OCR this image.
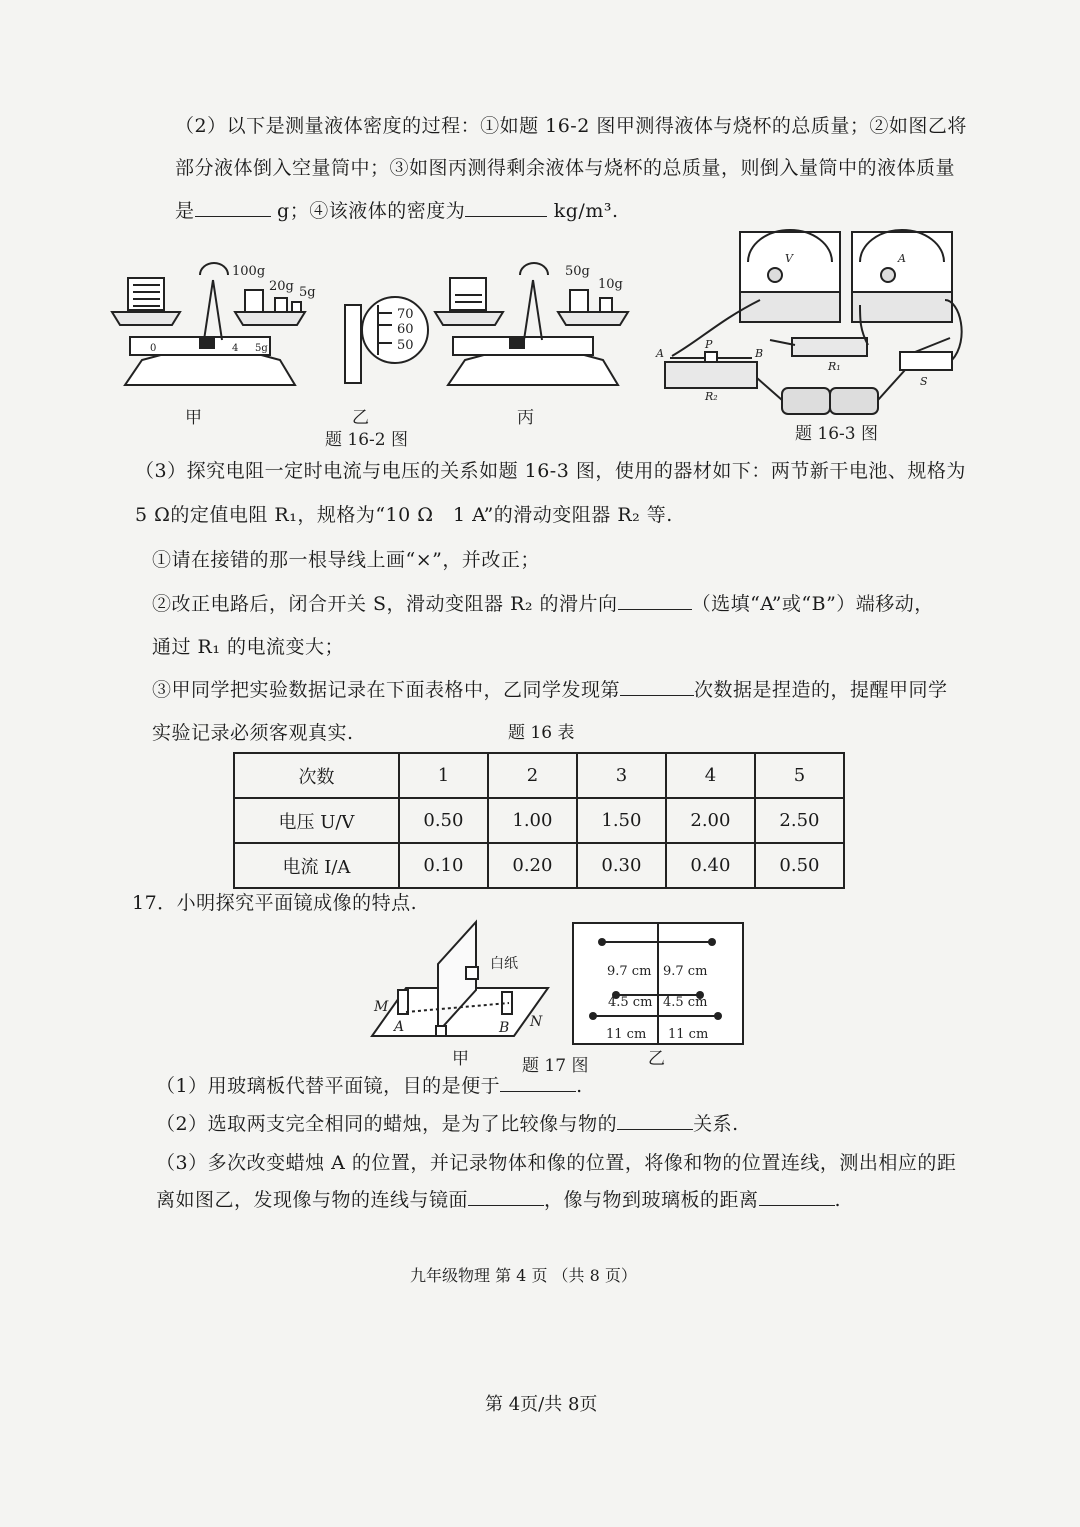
（2）以下是测量液体密度的过程：①如题 16-2 图甲测得液体与烧杯的总质量；②如图乙将
部分液体倒入空量筒中；③如图丙测得剩余液体与烧杯的总质量，则倒入量筒中的液体质量
是	g；④该液体的密度为	kg/m³.
100g
20g 5g
50g
10g
70
60
50
0	4 5g
甲	乙	丙
题 16-2 图	题 16-3 图
A
P
B
R₁
R₂
S
V	A
（3）探究电阻一定时电流与电压的关系如题 16-3 图，使用的器材如下：两节新干电池、规格为
5 Ω的定值电阻 R₁，规格为“10 Ω　1 A”的滑动变阻器 R₂ 等.
①请在接错的那一根导线上画“×”，并改正；
②改正电路后，闭合开关 S，滑动变阻器 R₂ 的滑片向	（选填“A”或“B”）端移动，
通过 R₁ 的电流变大；
③甲同学把实验数据记录在下面表格中，乙同学发现第	次数据是捏造的，提醒甲同学
实验记录必须客观真实.	题 16 表
次数	1	2	3	4	5
电压 U/V	0.50	1.00	1.50	2.00	2.50
电流 I/A	0.10	0.20	0.30	0.40	0.50
17．小明探究平面镜成像的特点.
白纸
M
N
A	B
9.7 cm 9.7 cm
4.5 cm 4.5 cm
11 cm 11 cm
甲	乙
题 17 图
（1）用玻璃板代替平面镜，目的是便于	.
（2）选取两支完全相同的蜡烛，是为了比较像与物的	关系.
（3）多次改变蜡烛 A 的位置，并记录物体和像的位置，将像和物的位置连线，测出相应的距
离如图乙，发现像与物的连线与镜面	，像与物到玻璃板的距离	.
九年级物理 第 4 页 （共 8 页）
第 4页/共 8页
